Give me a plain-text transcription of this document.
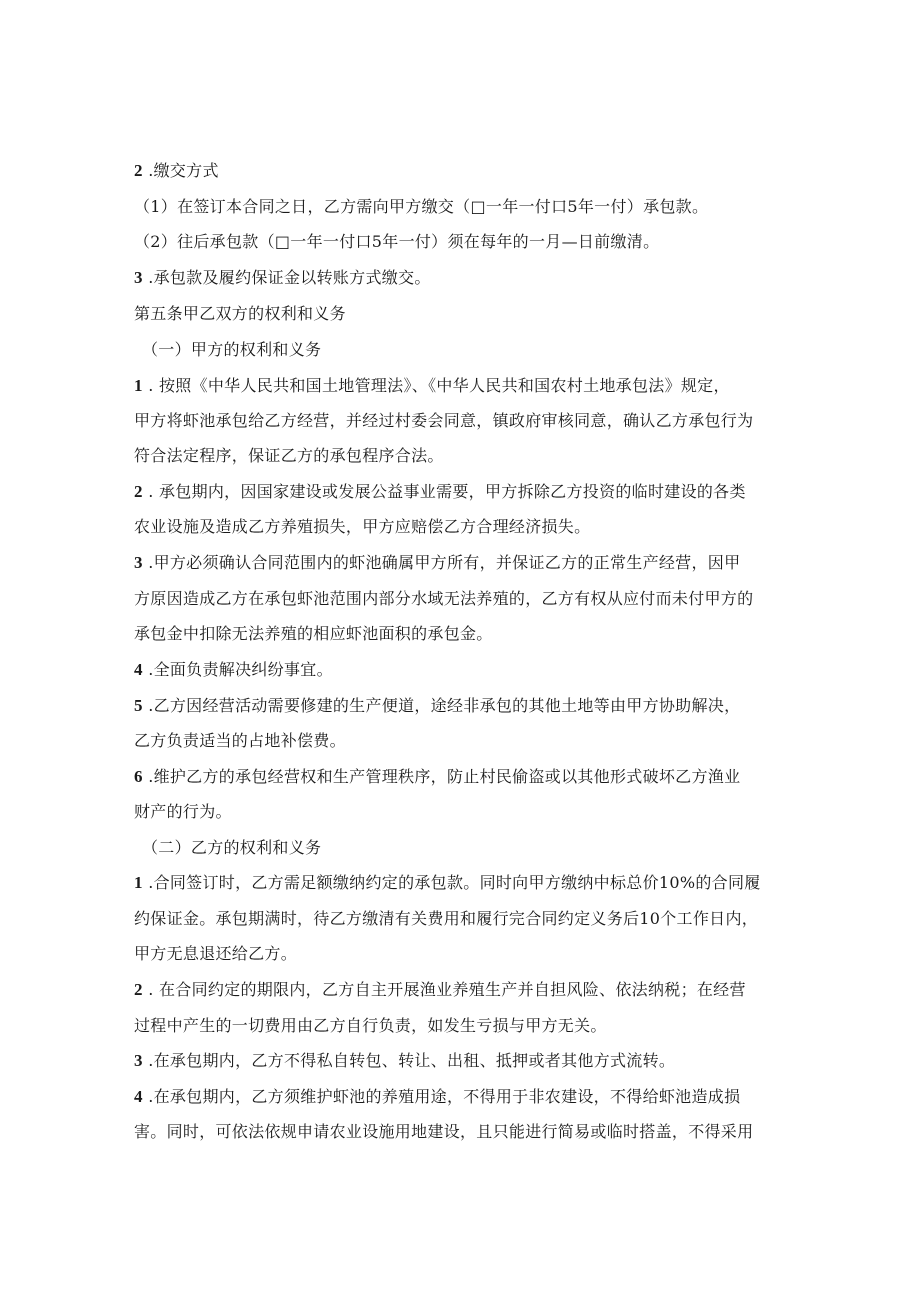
2 .缴交方式
（1）在签订本合同之日，乙方需向甲方缴交（□一年一付口5年一付）承包款。
（2）往后承包款（□一年一付口5年一付）须在每年的一月—日前缴清。
3 .承包款及履约保证金以转账方式缴交。
第五条甲乙双方的权利和义务
（一）甲方的权利和义务
1 . 按照《中华人民共和国土地管理法》、《中华人民共和国农村土地承包法》规定，
甲方将虾池承包给乙方经营，并经过村委会同意，镇政府审核同意，确认乙方承包行为
符合法定程序，保证乙方的承包程序合法。
2 . 承包期内，因国家建设或发展公益事业需要，甲方拆除乙方投资的临时建设的各类
农业设施及造成乙方养殖损失，甲方应赔偿乙方合理经济损失。
3 .甲方必须确认合同范围内的虾池确属甲方所有，并保证乙方的正常生产经营，因甲
方原因造成乙方在承包虾池范围内部分水域无法养殖的，乙方有权从应付而未付甲方的
承包金中扣除无法养殖的相应虾池面积的承包金。
4 .全面负责解决纠纷事宜。
5 .乙方因经营活动需要修建的生产便道，途经非承包的其他土地等由甲方协助解决，
乙方负责适当的占地补偿费。
6 .维护乙方的承包经营权和生产管理秩序，防止村民偷盗或以其他形式破坏乙方渔业
财产的行为。
（二）乙方的权利和义务
1 .合同签订时，乙方需足额缴纳约定的承包款。同时向甲方缴纳中标总价10%的合同履
约保证金。承包期满时，待乙方缴清有关费用和履行完合同约定义务后10个工作日内，
甲方无息退还给乙方。
2 . 在合同约定的期限内，乙方自主开展渔业养殖生产并自担风险、依法纳税；在经营
过程中产生的一切费用由乙方自行负责，如发生亏损与甲方无关。
3 .在承包期内，乙方不得私自转包、转让、出租、抵押或者其他方式流转。
4 .在承包期内，乙方须维护虾池的养殖用途，不得用于非农建设，不得给虾池造成损
害。同时，可依法依规申请农业设施用地建设，且只能进行简易或临时搭盖，不得采用
